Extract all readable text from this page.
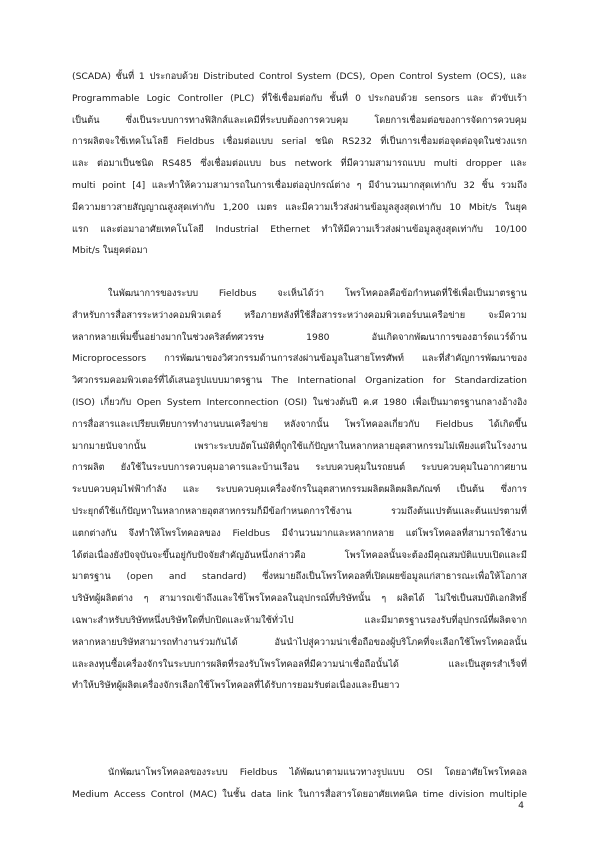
(SCADA) ชั้นที่ 1 ประกอบด้วย Distributed Control System (DCS), Open Control System (OCS), และ
Programmable Logic Controller (PLC) ที่ใช้เชื่อมต่อกับ ชั้นที่ 0 ประกอบด้วย sensors และ ตัวขับเร้า
เป็นต้น ซึ่งเป็นระบบการทางฟิสิกส์และเคมีที่ระบบต้องการควบคุม โดยการเชื่อมต่อของการจัดการควบคุม
การผลิตจะใช้เทคโนโลยี Fieldbus เชื่อมต่อแบบ serial ชนิด RS232 ที่เป็นการเชื่อมต่อจุดต่อจุดในช่วงแรก
และ ต่อมาเป็นชนิด RS485 ซึ่งเชื่อมต่อแบบ bus network ที่มีความสามารถแบบ multi dropper และ
multi point [4] และทำให้ความสามารถในการเชื่อมต่ออุปกรณ์ต่าง ๆ มีจำนวนมากสุดเท่ากับ 32 ชิ้น รวมถึง
มีความยาวสายสัญญาณสูงสุดเท่ากับ 1,200 เมตร และมีความเร็วส่งผ่านข้อมูลสูงสุดเท่ากับ 10 Mbit/s ในยุค
แรก และต่อมาอาศัยเทคโนโลยี Industrial Ethernet ทำให้มีความเร็วส่งผ่านข้อมูลสูงสุดเท่ากับ 10/100
Mbit/s ในยุคต่อมา
ในพัฒนาการของระบบ Fieldbus จะเห็นได้ว่า โพรโทคอลคือข้อกำหนดที่ใช้เพื่อเป็นมาตรฐาน
สำหรับการสื่อสารระหว่างคอมพิวเตอร์ หรือภายหลังที่ใช้สื่อสารระหว่างคอมพิวเตอร์บนเครือข่าย จะมีความ
หลากหลายเพิ่มขึ้นอย่างมากในช่วงคริสต์ทศวรรษ 1980 อันเกิดจากพัฒนาการของฮาร์ดแวร์ด้าน
Microprocessors การพัฒนาของวิศวกรรมด้านการส่งผ่านข้อมูลในสายโทรศัพท์ และที่สำคัญการพัฒนาของ
วิศวกรรมคอมพิวเตอร์ที่ได้เสนอรูปแบบมาตรฐาน The International Organization for Standardization
(ISO) เกี่ยวกับ Open System Interconnection (OSI) ในช่วงต้นปี ค.ศ 1980 เพื่อเป็นมาตรฐานกลางอ้างอิง
การสื่อสารและเปรียบเทียบการทำงานบนเครือข่าย หลังจากนั้น โพรโทคอลเกี่ยวกับ Fieldbus ได้เกิดขึ้น
มากมายนับจากนั้น เพราะระบบอัตโนมัติที่ถูกใช้แก้ปัญหาในหลากหลายอุตสาหกรรมไม่เพียงแต่ในโรงงาน
การผลิต ยังใช้ในระบบการควบคุมอาคารและบ้านเรือน ระบบควบคุมในรถยนต์ ระบบควบคุมในอากาศยาน
ระบบควบคุมไฟฟ้ากำลัง และ ระบบควบคุมเครื่องจักรในอุตสาหกรรมผลิตผลิตผลิตภัณฑ์ เป็นต้น ซึ่งการ
ประยุกต์ใช้แก้ปัญหาในหลากหลายอุตสาหกรรมก็มีข้อกำหนดการใช้งาน รวมถึงต้นแปรต้นและต้นแปรตามที่
แตกต่างกัน จึงทำให้โพรโทคอลของ Fieldbus มีจำนวนมากและหลากหลาย แต่โพรโทคอลที่สามารถใช้งาน
ได้ต่อเนื่องยังปัจจุบันจะขึ้นอยู่กับปัจจัยสำคัญอันหนึ่งกล่าวคือ โพรโทคอลนั้นจะต้องมีคุณสมบัติแบบเปิดและมี
มาตรฐาน (open and standard) ซึ่งหมายถึงเป็นโพรโทคอลที่เปิดเผยข้อมูลแก่สาธารณะเพื่อให้โอกาส
บริษัทผู้ผลิตต่าง ๆ สามารถเข้าถึงและใช้โพรโทคอลในอุปกรณ์ที่บริษัทนั้น ๆ ผลิตได้ ไม่ใช่เป็นสมบัติเอกสิทธิ์
เฉพาะสำหรับบริษัทหนึ่งบริษัทใดที่ปกปิดและห้ามใช้ทั่วไป และมีมาตรฐานรองรับที่อุปกรณ์ที่ผลิตจาก
หลากหลายบริษัทสามารถทำงานร่วมกันได้ อันนำไปสู่ความน่าเชื่อถือของผู้บริโภคที่จะเลือกใช้โพรโทคอลนั้น
และลงทุนซื้อเครื่องจักรในระบบการผลิตที่รองรับโพรโทคอลที่มีความน่าเชื่อถือนั้นได้ และเป็นสูตรสำเร็จที่
ทำให้บริษัทผู้ผลิตเครื่องจักรเลือกใช้โพรโทคอลที่ได้รับการยอมรับต่อเนื่องและยืนยาว
นักพัฒนาโพรโทคอลของระบบ Fieldbus ได้พัฒนาตามแนวทางรูปแบบ OSI โดยอาศัยโพรโทคอล
Medium Access Control (MAC) ในชั้น data link ในการสื่อสารโดยอาศัยเทคนิค time division multiple
4
